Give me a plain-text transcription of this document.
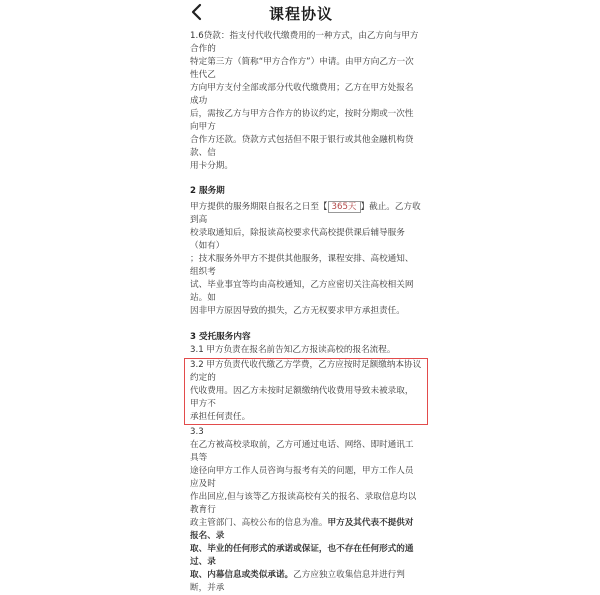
课程协议

1.6贷款：指支付代收代缴费用的一种方式，由乙方向与甲方合作的

特定第三方（简称“甲方合作方”）申请。由甲方向乙方一次性代乙

方向甲方支付全部或部分代收代缴费用；乙方在甲方处报名成功

后，需按乙方与甲方合作方的协议约定，按时分期或一次性向甲方

合作方还款。贷款方式包括但不限于银行或其他金融机构贷款、信

用卡分期。

2 服务期

甲方提供的服务期限自报名之日至【 365天 】截止。乙方收到高

校录取通知后，除报读高校要求代高校提供课后辅导服务（如有）

；技术服务外甲方不提供其他服务，课程安排、高校通知、组织考

试、毕业事宜等均由高校通知，乙方应密切关注高校相关网站。如

因非甲方原因导致的损失，乙方无权要求甲方承担责任。

3 受托服务内容

3.1 甲方负责在报名前告知乙方报读高校的报名流程。

3.2 甲方负责代收代缴乙方学费，乙方应按时足额缴纳本协议约定的

代收费用。因乙方未按时足额缴纳代收费用导致未被录取，甲方不

承担任何责任。

3.3

在乙方被高校录取前，乙方可通过电话、网络、即时通讯工具等

途径向甲方工作人员咨询与报考有关的问题，甲方工作人员应及时

作出回应,但与该等乙方报读高校有关的报名、录取信息均以教育行

政主管部门、高校公布的信息为准。甲方及其代表不提供对报名、录

取、毕业的任何形式的承诺或保证，也不存在任何形式的通过、录

取、内幕信息或类似承诺。乙方应独立收集信息并进行判断，并承
